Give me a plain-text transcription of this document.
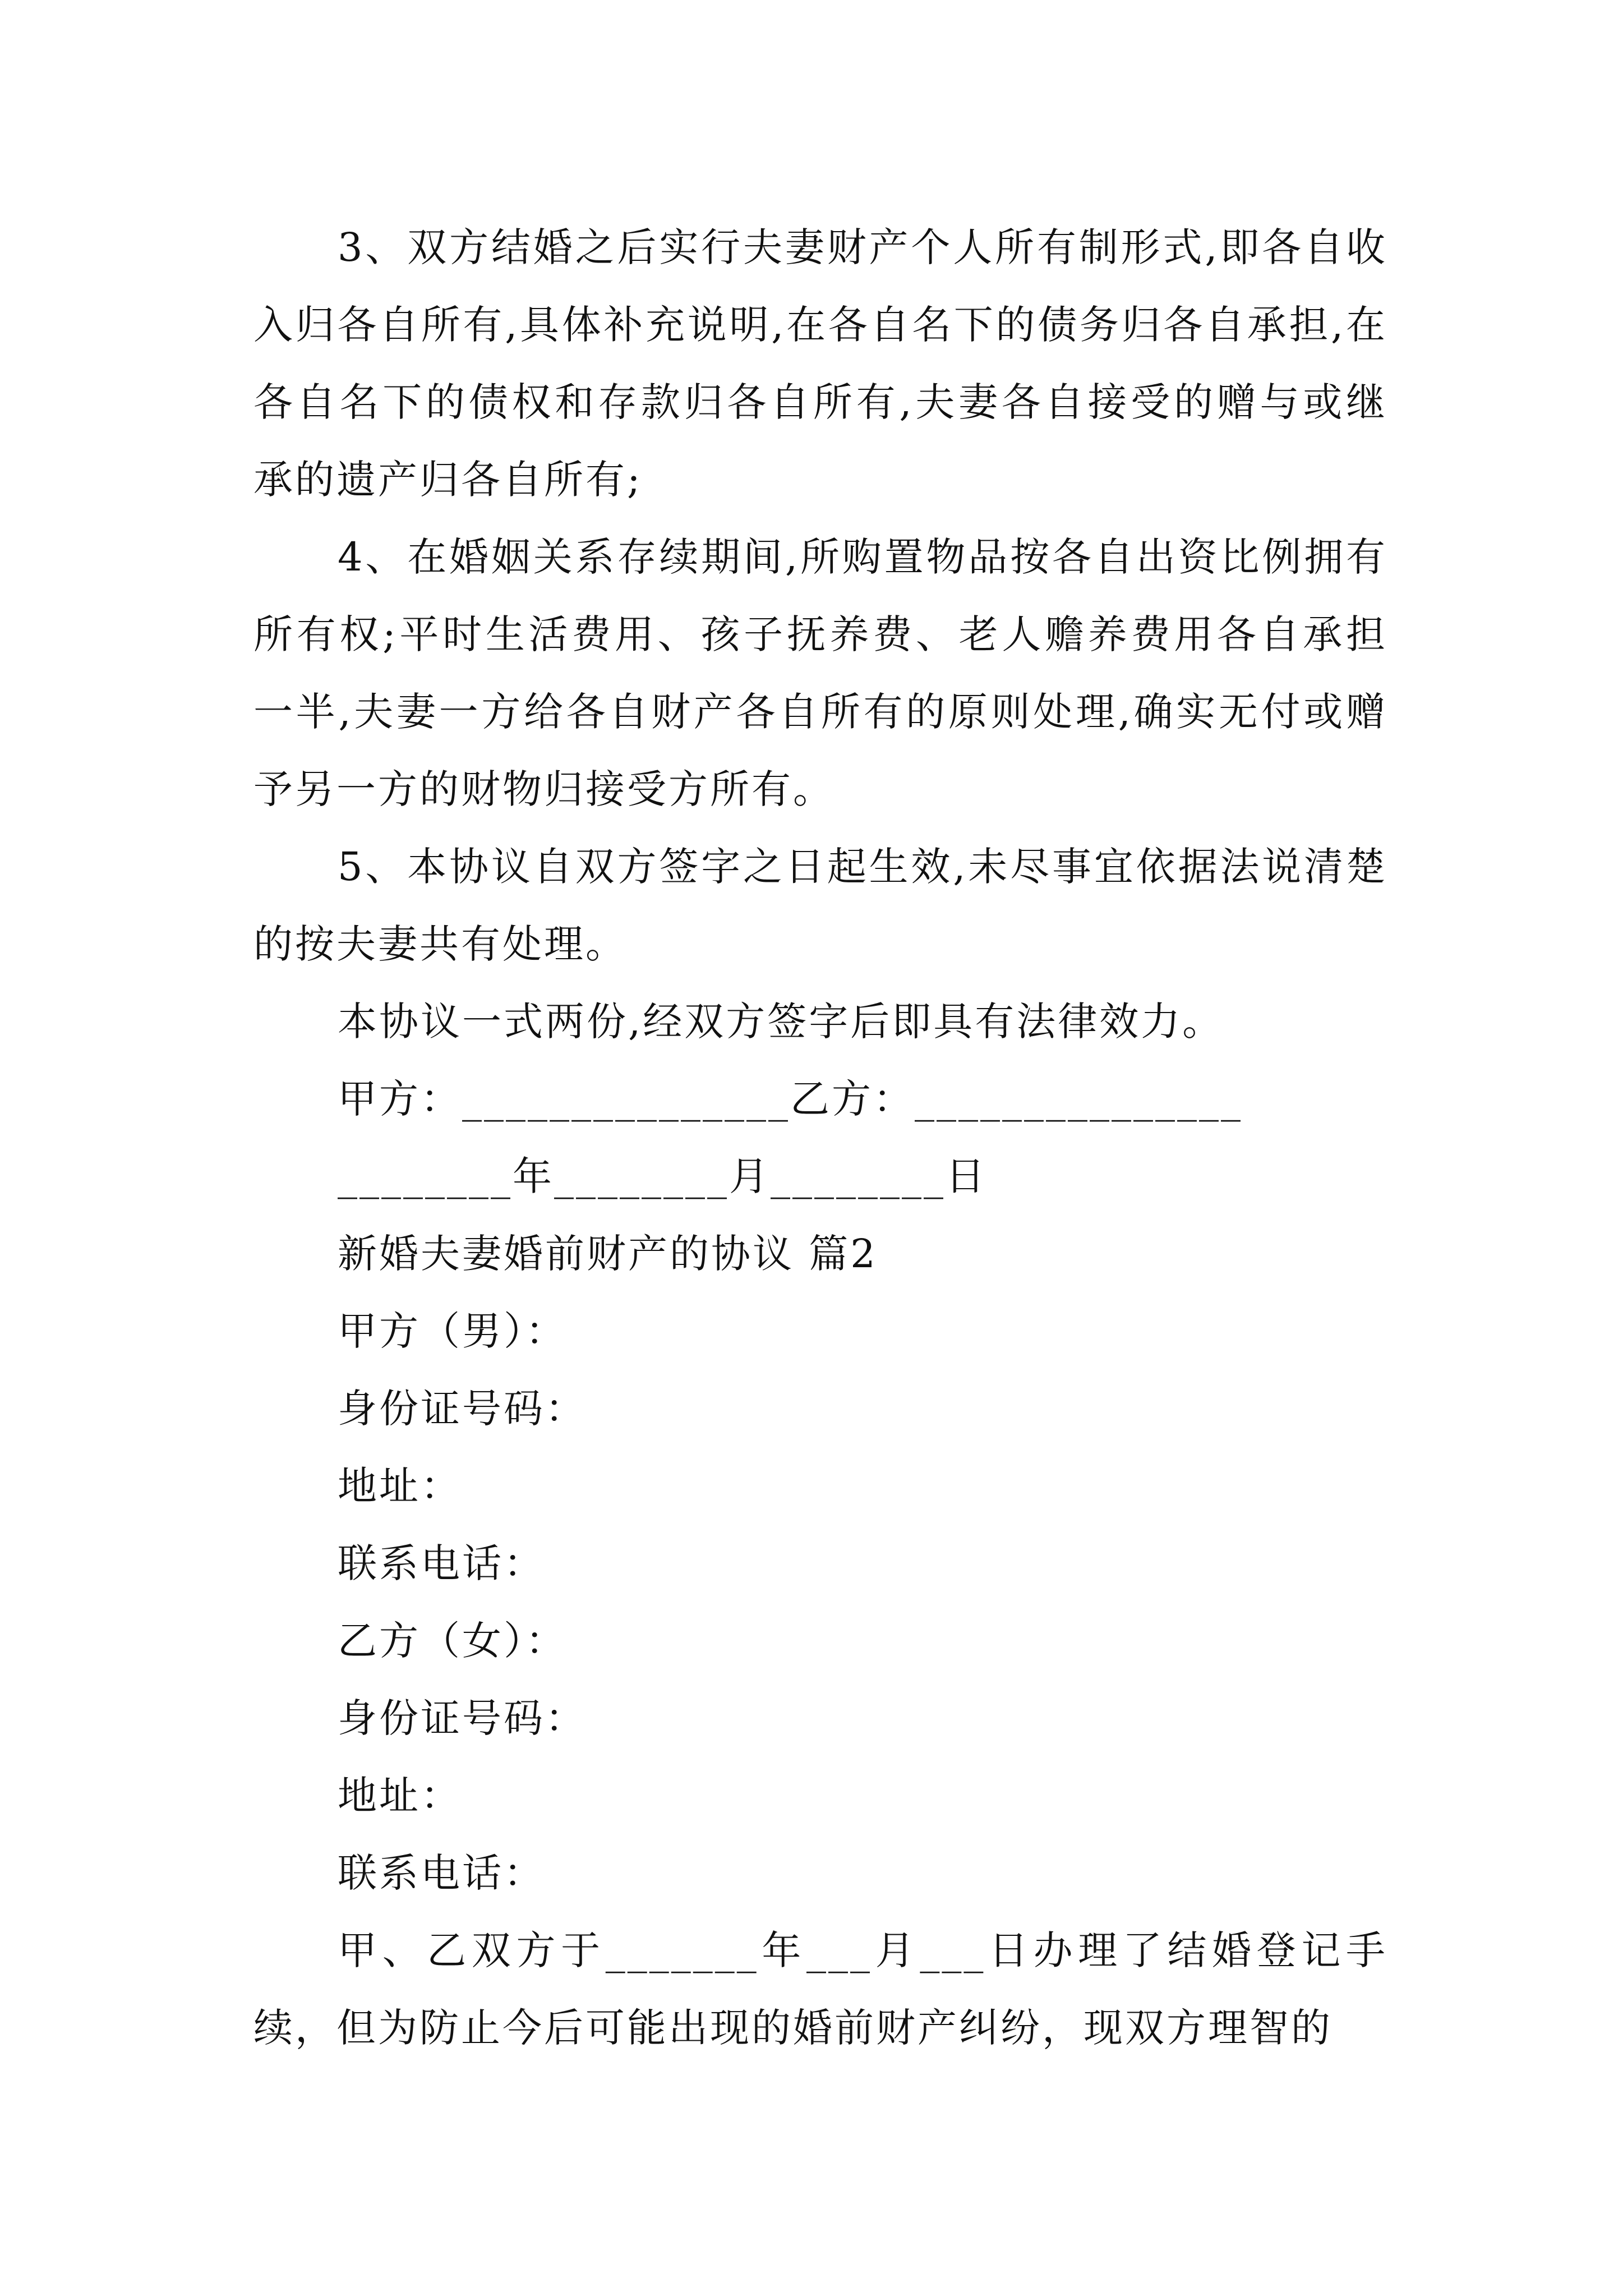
3、双方结婚之后实行夫妻财产个人所有制形式,即各自收入归各自所有,具体补充说明,在各自名下的债务归各自承担,在各自名下的债权和存款归各自所有,夫妻各自接受的赠与或继承的遗产归各自所有;

4、在婚姻关系存续期间,所购置物品按各自出资比例拥有所有权;平时生活费用、孩子抚养费、老人赡养费用各自承担一半,夫妻一方给各自财产各自所有的原则处理,确实无付或赠予另一方的财物归接受方所有。

5、本协议自双方签字之日起生效,未尽事宜依据法说清楚的按夫妻共有处理。

本协议一式两份,经双方签字后即具有法律效力。

甲方：_______________乙方：_______________

________年________月________日

新婚夫妻婚前财产的协议 篇2

甲方（男）：

身份证号码：

地址：

联系电话：

乙方（女）：

身份证号码：

地址：

联系电话：

甲、乙双方于_______年___月___日办理了结婚登记手续，但为防止今后可能出现的婚前财产纠纷，现双方理智的
